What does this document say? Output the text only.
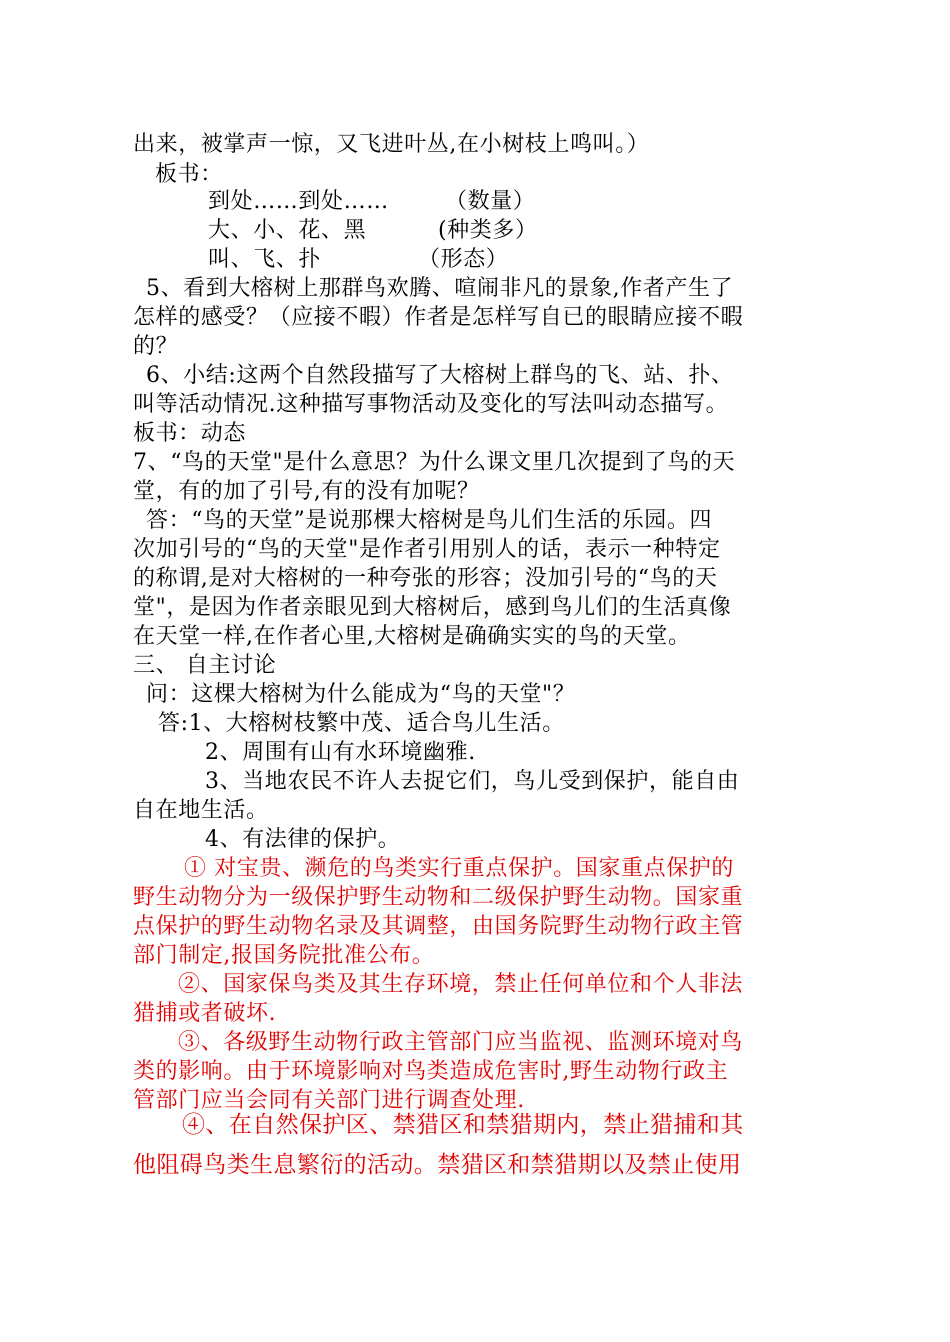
出来，被掌声一惊，又飞进叶丛,在小树枝上鸣叫。）
板书：
到处……到处……	（数量）
大、小、花、黑	(种类多）
叫、飞、扑	（形态）
5、看到大榕树上那群鸟欢腾、喧闹非凡的景象,作者产生了
怎样的感受？（应接不暇）作者是怎样写自已的眼睛应接不暇
的？
6、小结:这两个自然段描写了大榕树上群鸟的飞、站、扑、
叫等活动情况.这种描写事物活动及变化的写法叫动态描写。
板书：动态
7、“鸟的天堂"是什么意思？为什么课文里几次提到了鸟的天
堂，有的加了引号,有的没有加呢？
答：“鸟的天堂”是说那棵大榕树是鸟儿们生活的乐园。四
次加引号的“鸟的天堂"是作者引用别人的话，表示一种特定
的称谓,是对大榕树的一种夸张的形容；没加引号的“鸟的天
堂"，是因为作者亲眼见到大榕树后，感到鸟儿们的生活真像
在天堂一样,在作者心里,大榕树是确确实实的鸟的天堂。
三、 自主讨论
问：这棵大榕树为什么能成为“鸟的天堂"？
答:1、大榕树枝繁中茂、适合鸟儿生活。
2、周围有山有水环境幽雅.
3、当地农民不许人去捉它们，鸟儿受到保护，能自由
自在地生活。
4、有法律的保护。
① 对宝贵、濒危的鸟类实行重点保护。国家重点保护的
野生动物分为一级保护野生动物和二级保护野生动物。国家重
点保护的野生动物名录及其调整，由国务院野生动物行政主管
部门制定,报国务院批准公布。
②、国家保鸟类及其生存环境，禁止任何单位和个人非法
猎捕或者破坏.
③、各级野生动物行政主管部门应当监视、监测环境对鸟
类的影响。由于环境影响对鸟类造成危害时,野生动物行政主
管部门应当会同有关部门进行调查处理.
④、在自然保护区、禁猎区和禁猎期内，禁止猎捕和其
他阻碍鸟类生息繁衍的活动。禁猎区和禁猎期以及禁止使用
